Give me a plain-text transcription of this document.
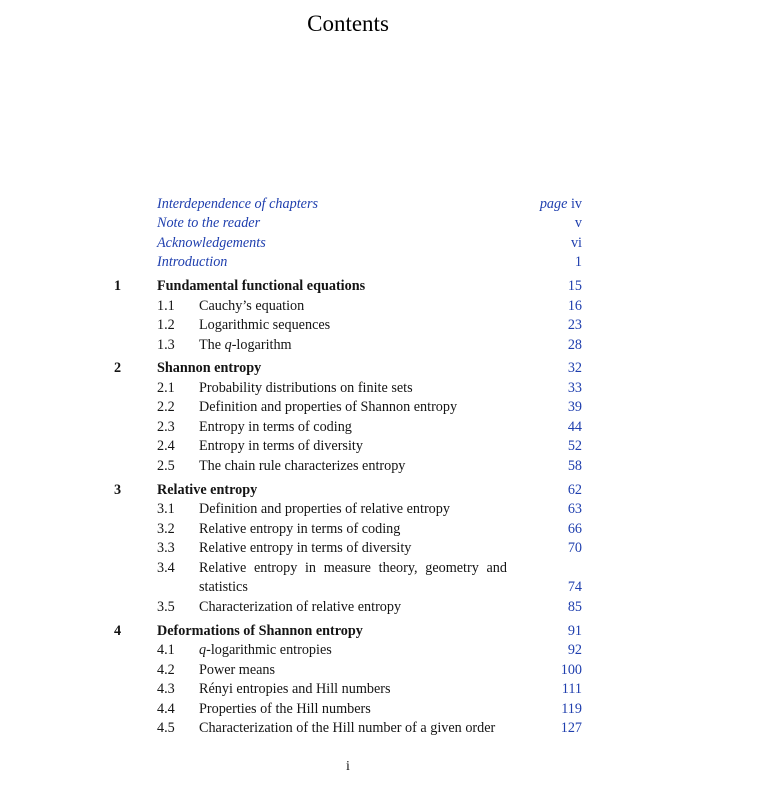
Contents
Interdependence of chapters	page iv
Note to the reader	v
Acknowledgements	vi
Introduction	1
1	Fundamental functional equations	15
1.1 Cauchy’s equation	16
1.2 Logarithmic sequences	23
1.3 The q-logarithm	28
2	Shannon entropy	32
2.1 Probability distributions on finite sets	33
2.2 Definition and properties of Shannon entropy	39
2.3 Entropy in terms of coding	44
2.4 Entropy in terms of diversity	52
2.5 The chain rule characterizes entropy	58
3	Relative entropy	62
3.1 Definition and properties of relative entropy	63
3.2 Relative entropy in terms of coding	66
3.3 Relative entropy in terms of diversity	70
3.4 Relative entropy in measure theory, geometry and
statistics	74
3.5 Characterization of relative entropy	85
4	Deformations of Shannon entropy	91
4.1 q-logarithmic entropies	92
4.2 Power means	100
4.3 Rényi entropies and Hill numbers	111
4.4 Properties of the Hill numbers	119
4.5 Characterization of the Hill number of a given order	127
i
